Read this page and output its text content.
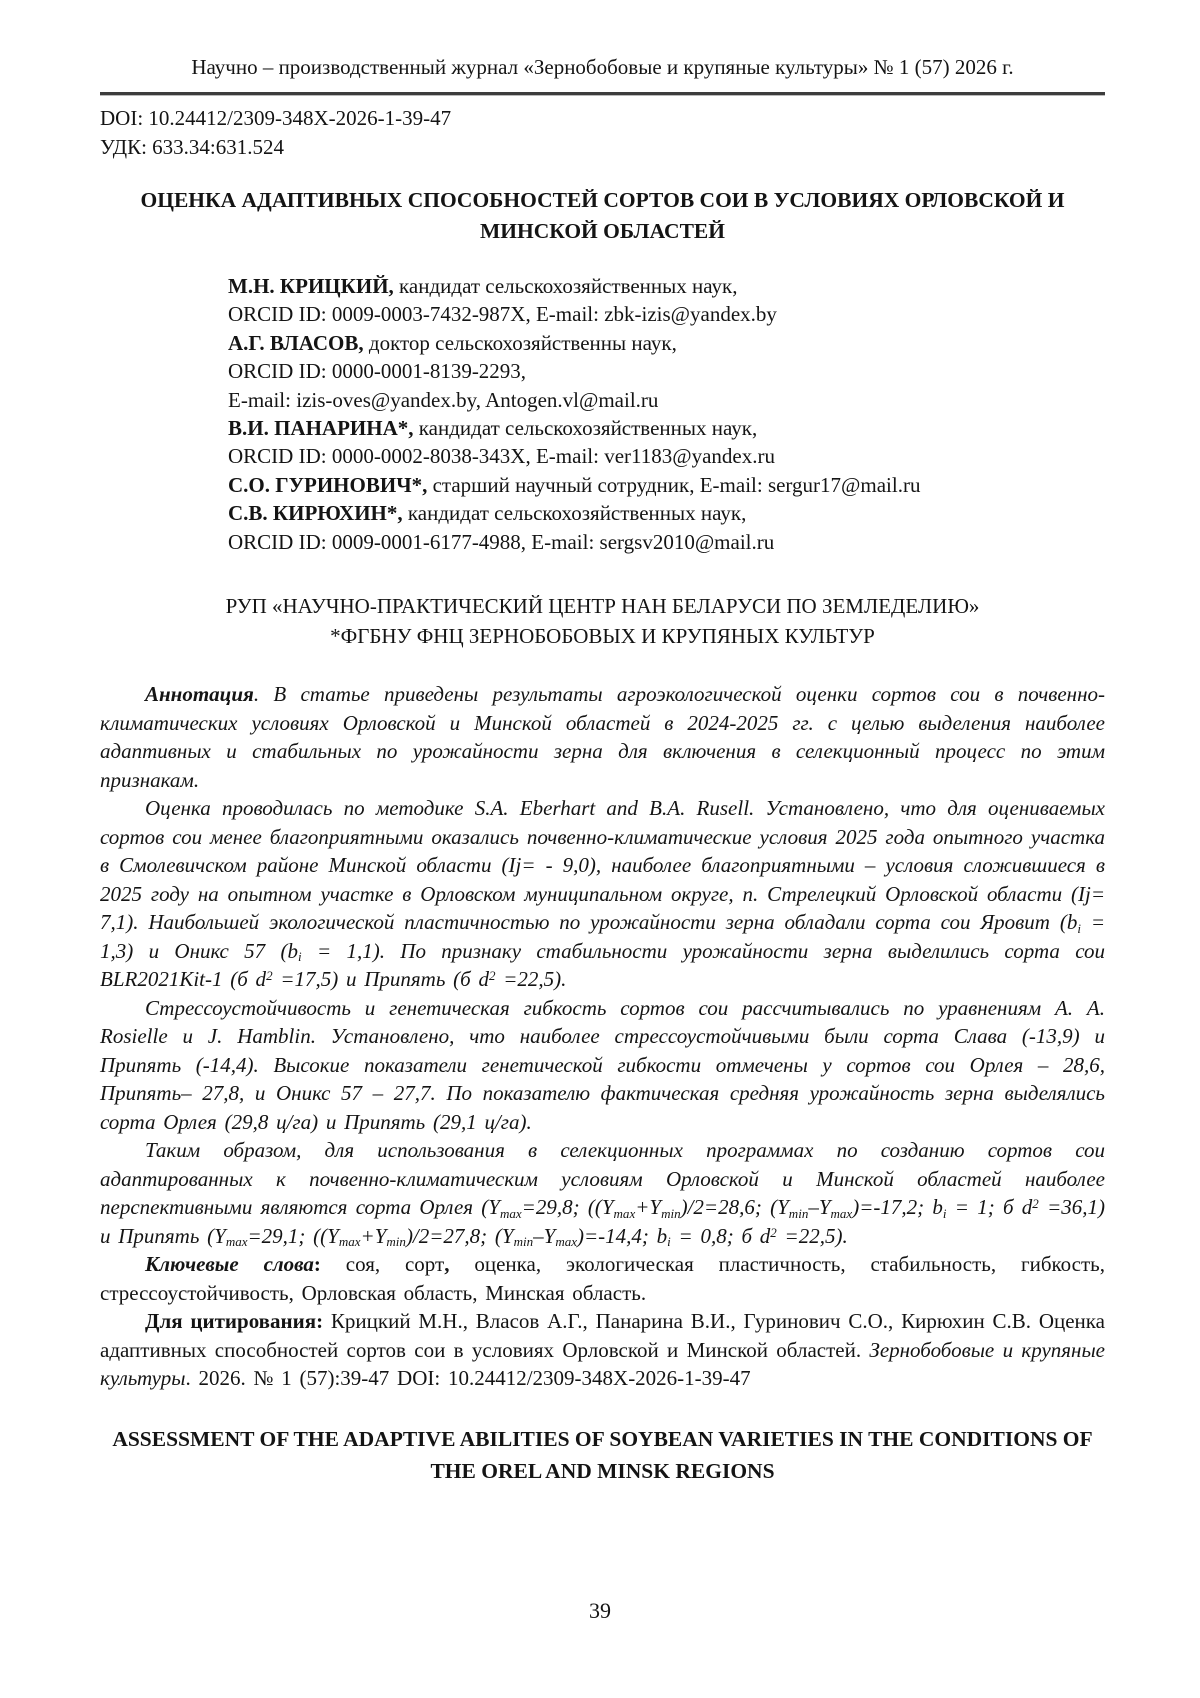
Научно – производственный журнал «Зернобобовые и крупяные культуры» № 1 (57) 2026 г.
DOI: 10.24412/2309-348X-2026-1-39-47
УДК: 633.34:631.524
ОЦЕНКА АДАПТИВНЫХ СПОСОБНОСТЕЙ СОРТОВ СОИ В УСЛОВИЯХ ОРЛОВСКОЙ И МИНСКОЙ ОБЛАСТЕЙ
М.Н. КРИЦКИЙ, кандидат сельскохозяйственных наук,
ORCID ID: 0009-0003-7432-987X, E-mail: zbk-izis@yandex.by
А.Г. ВЛАСОВ, доктор сельскохозяйственны наук,
ORCID ID: 0000-0001-8139-2293,
E-mail: izis-oves@yandex.by, Antogen.vl@mail.ru
В.И. ПАНАРИНА*, кандидат сельскохозяйственных наук,
ORCID ID: 0000-0002-8038-343X, E-mail: ver1183@yandex.ru
С.О. ГУРИНОВИЧ*, старший научный сотрудник, E-mail: sergur17@mail.ru
С.В. КИРЮХИН*, кандидат сельскохозяйственных наук,
ORCID ID: 0009-0001-6177-4988, E-mail: sergsv2010@mail.ru
РУП «НАУЧНО-ПРАКТИЧЕСКИЙ ЦЕНТР НАН БЕЛАРУСИ ПО ЗЕМЛЕДЕЛИЮ»
*ФГБНУ ФНЦ ЗЕРНОБОБОВЫХ И КРУПЯНЫХ КУЛЬТУР

Аннотация. В статье приведены результаты агроэкологической оценки сортов сои в почвенно-климатических условиях Орловской и Минской областей в 2024-2025 гг. с целью выделения наиболее адаптивных и стабильных по урожайности зерна для включения в селекционный процесс по этим признакам.

Оценка проводилась по методике S.A. Eberhart and B.A. Rusell. Установлено, что для оцениваемых сортов сои менее благоприятными оказались почвенно-климатические условия 2025 года опытного участка в Смолевичском районе Минской области (Ij= - 9,0), наиболее благоприятными – условия сложившиеся в 2025 году на опытном участке в Орловском муниципальном округе, п. Стрелецкий Орловской области (Ij= 7,1). Наибольшей экологической пластичностью по урожайности зерна обладали сорта сои Яровит $(b_i = 1,3)$ и Оникс 57 $(b_i = 1,1)$. По признаку стабильности урожайности зерна выделились сорта сои BLR2021Kit-1 (б $d^2 =17,5$) и Припять (б $d^2 =22,5$).

Стрессоустойчивость и генетическая гибкость сортов сои рассчитывались по уравнениям А. А. Rosielle и J. Hamblin. Установлено, что наиболее стрессоустойчивыми были сорта Слава (-13,9) и Припять (-14,4). Высокие показатели генетической гибкости отмечены у сортов сои Орлея – 28,6, Припять– 27,8, и Оникс 57 – 27,7. По показателю фактическая средняя урожайность зерна выделялись сорта Орлея (29,8 ц/га) и Припять (29,1 ц/га).

Таким образом, для использования в селекционных программах по созданию сортов сои адаптированных к почвенно-климатическим условиям Орловской и Минской областей наиболее перспективными являются сорта Орлея ($Y_{max}=29,8$; ($(Y_{max}+Y_{min})/2=28,6$; $(Y_{min}-Y_{max})=-17,2$; $b_i = 1$; б $d^2 =36,1$) и Припять ($Y_{max}=29,1$; ($(Y_{max}+Y_{min})/2=27,8$; $(Y_{min}-Y_{max})=-14,4$; $b_i = 0,8$; б $d^2 =22,5$).

Ключевые слова: соя, сорт, оценка, экологическая пластичность, стабильность, гибкость, стрессоустойчивость, Орловская область, Минская область.

Для цитирования: Крицкий М.Н., Власов А.Г., Панарина В.И., Гуринович С.О., Кирюхин С.В. Оценка адаптивных способностей сортов сои в условиях Орловской и Минской областей. Зернобобовые и крупяные культуры. 2026. № 1 (57):39-47 DOI: 10.24412/2309-348X-2026-1-39-47

ASSESSMENT OF THE ADAPTIVE ABILITIES OF SOYBEAN VARIETIES IN THE CONDITIONS OF THE OREL AND MINSK REGIONS
39
